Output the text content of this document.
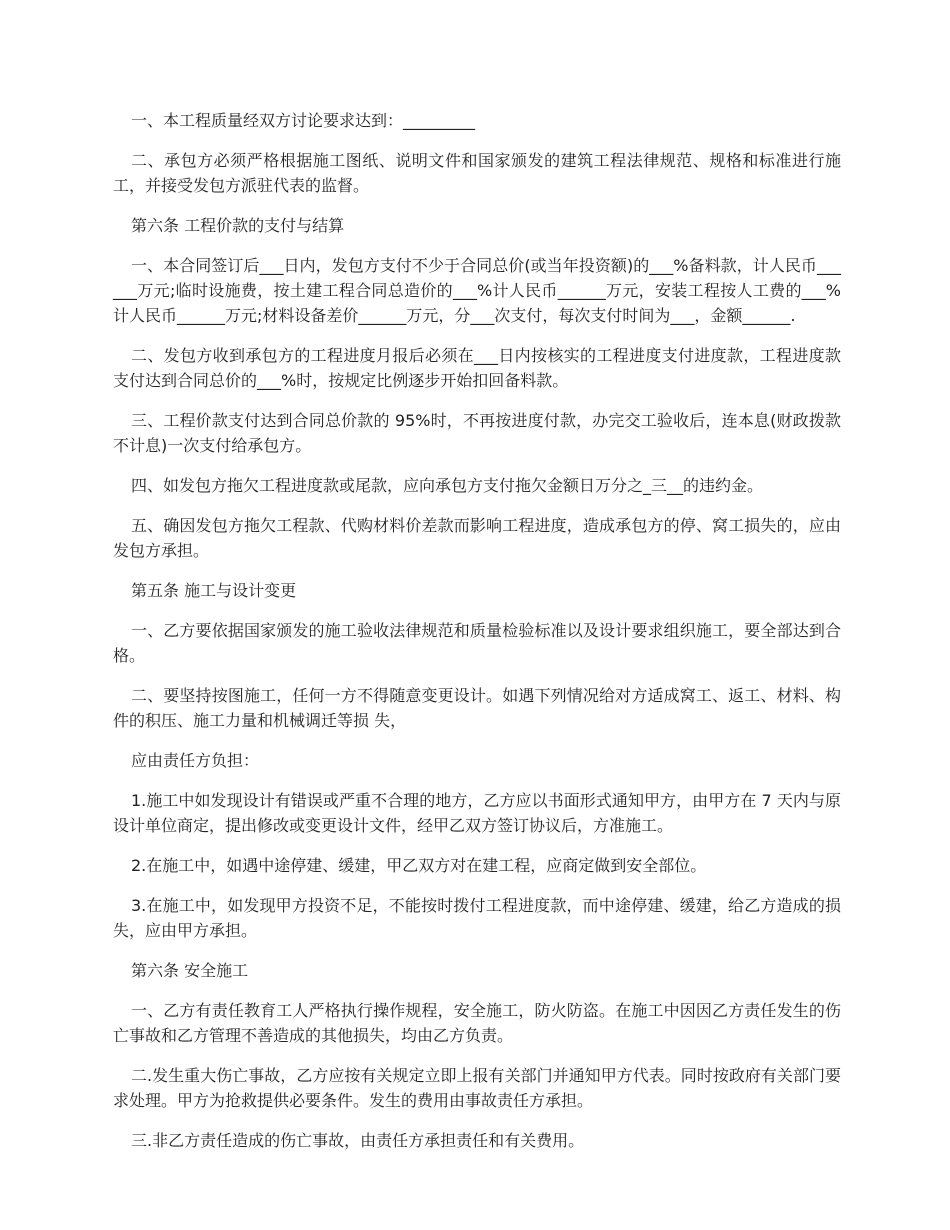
一、本工程质量经双方讨论要求达到：_________

二、承包方必须严格根据施工图纸、说明文件和国家颁发的建筑工程法律规范、规格和标准进行施工，并接受发包方派驻代表的监督。

第六条 工程价款的支付与结算

一、本合同签订后___日内，发包方支付不少于合同总价(或当年投资额)的___%备料款，计人民币______万元;临时设施费，按土建工程合同总造价的___%计人民币______万元，安装工程按人工费的___%计人民币______万元;材料设备差价______万元，分___次支付，每次支付时间为___，金额______.

二、发包方收到承包方的工程进度月报后必须在___日内按核实的工程进度支付进度款，工程进度款支付达到合同总价的___%时，按规定比例逐步开始扣回备料款。

三、工程价款支付达到合同总价款的 95%时，不再按进度付款，办完交工验收后，连本息(财政拨款不计息)一次支付给承包方。

四、如发包方拖欠工程进度款或尾款，应向承包方支付拖欠金额日万分之_三__的违约金。

五、确因发包方拖欠工程款、代购材料价差款而影响工程进度，造成承包方的停、窝工损失的，应由发包方承担。

第五条 施工与设计变更

一、乙方要依据国家颁发的施工验收法律规范和质量检验标准以及设计要求组织施工，要全部达到合格。

二、要坚持按图施工，任何一方不得随意变更设计。如遇下列情况给对方适成窝工、返工、材料、构件的积压、施工力量和机械调迁等损 失，

应由责任方负担：

1.施工中如发现设计有错误或严重不合理的地方，乙方应以书面形式通知甲方，由甲方在 7 天内与原设计单位商定，提出修改或变更设计文件，经甲乙双方签订协议后，方准施工。

2.在施工中，如遇中途停建、缓建，甲乙双方对在建工程，应商定做到安全部位。

3.在施工中，如发现甲方投资不足，不能按时拨付工程进度款，而中途停建、缓建，给乙方造成的损失，应由甲方承担。

第六条 安全施工

一、乙方有责任教育工人严格执行操作规程，安全施工，防火防盗。在施工中因因乙方责任发生的伤亡事故和乙方管理不善造成的其他损失，均由乙方负责。

二.发生重大伤亡事故，乙方应按有关规定立即上报有关部门并通知甲方代表。同时按政府有关部门要求处理。甲方为抢救提供必要条件。发生的费用由事故责任方承担。

三.非乙方责任造成的伤亡事故，由责任方承担责任和有关费用。
